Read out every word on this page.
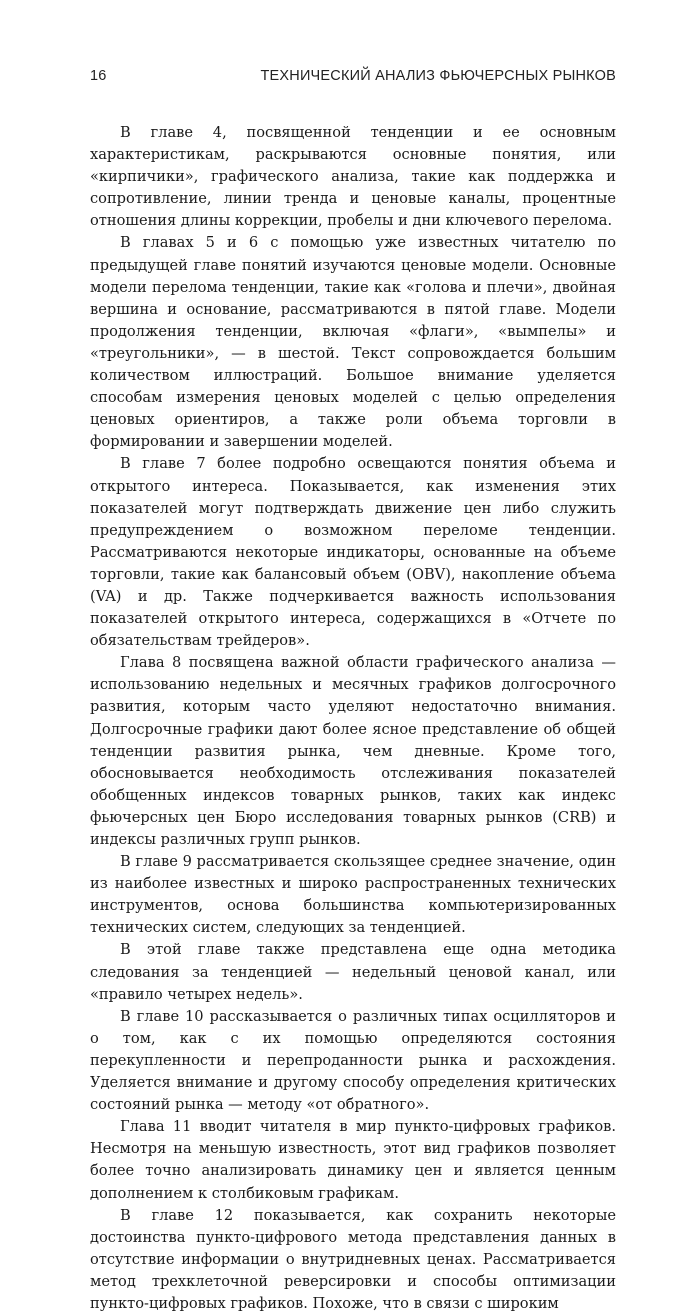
16	ТЕХНИЧЕСКИЙ АНАЛИЗ ФЬЮЧЕРСНЫХ РЫНКОВ

В главе 4, посвященной тенденции и ее основным характеристикам, раскрываются основные понятия, или «кирпичики», графического анализа, такие как поддержка и сопротивление, линии тренда и ценовые каналы, процентные отношения длины коррекции, пробелы и дни ключевого перелома.

В главах 5 и 6 с помощью уже известных читателю по предыдущей главе понятий изучаются ценовые модели. Основные модели перелома тенденции, такие как «голова и плечи», двойная вершина и основание, рассматриваются в пятой главе. Модели продолжения тенденции, включая «флаги», «вымпелы» и «треугольники», — в шестой. Текст сопровождается большим количеством иллюстраций. Большое внимание уделяется способам измерения ценовых моделей с целью определения ценовых ориентиров, а также роли объема торговли в формировании и завершении моделей.

В главе 7 более подробно освещаются понятия объема и открытого интереса. Показывается, как изменения этих показателей могут подтверждать движение цен либо служить предупреждением о возможном переломе тенденции. Рассматриваются некоторые индикаторы, основанные на объеме торговли, такие как балансовый объем (OBV), накопление объема (VA) и др. Также подчеркивается важность использования показателей открытого интереса, содержащихся в «Отчете по обязательствам трейдеров».

Глава 8 посвящена важной области графического анализа — использованию недельных и месячных графиков долгосрочного развития, которым часто уделяют недостаточно внимания. Долгосрочные графики дают более ясное представление об общей тенденции развития рынка, чем дневные. Кроме того, обосновывается необходимость отслеживания показателей обобщенных индексов товарных рынков, таких как индекс фьючерсных цен Бюро исследования товарных рынков (CRB) и индексы различных групп рынков.

В главе 9 рассматривается скользящее среднее значение, один из наиболее известных и широко распространенных технических инструментов, основа большинства компьютеризированных технических систем, следующих за тенденцией.

В этой главе также представлена еще одна методика следования за тенденцией — недельный ценовой канал, или «правило четырех недель».

В главе 10 рассказывается о различных типах осцилляторов и о том, как с их помощью определяются состояния перекупленности и перепроданности рынка и расхождения. Уделяется внимание и другому способу определения критических состояний рынка — методу «от обратного».

Глава 11 вводит читателя в мир пункто-цифровых графиков. Несмотря на меньшую известность, этот вид графиков позволяет более точно анализировать динамику цен и является ценным дополнением к столбиковым графикам.

В главе 12 показывается, как сохранить некоторые достоинства пункто-цифрового метода представления данных в отсутствие информации о внутридневных ценах. Рассматривается метод трехклеточной реверсировки и способы оптимизации пункто-цифровых графиков. Похоже, что в связи с широким
